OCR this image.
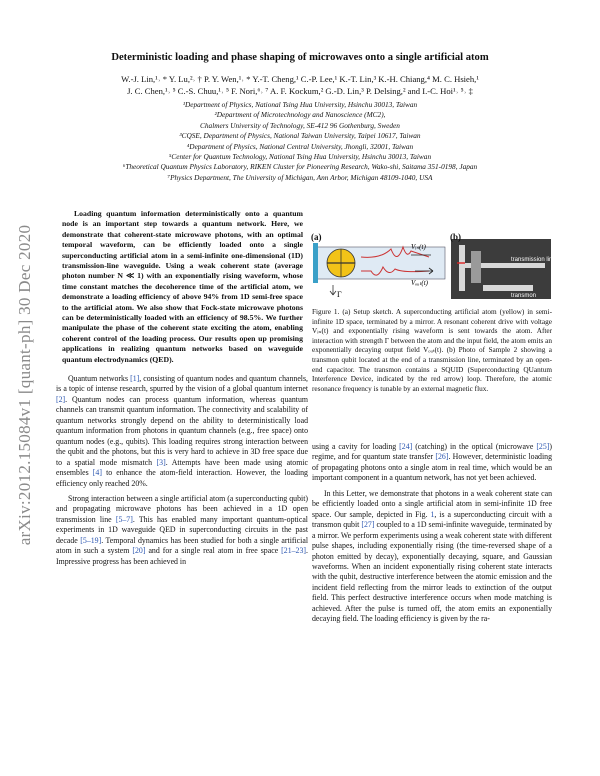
arXiv:2012.15084v1 [quant-ph] 30 Dec 2020
Deterministic loading and phase shaping of microwaves onto a single artificial atom
W.-J. Lin,¹˒ * Y. Lu,²˒ † P. Y. Wen,¹˒ * Y.-T. Cheng,¹ C.-P. Lee,¹ K.-T. Lin,³ K.-H. Chiang,⁴ M. C. Hsieh,¹
J. C. Chen,¹˒ ⁵ C.-S. Chuu,¹˒ ⁵ F. Nori,⁶˒ ⁷ A. F. Kockum,² G.-D. Lin,³ P. Delsing,² and I.-C. Hoi¹˒ ⁵˒ ‡
¹Department of Physics, National Tsing Hua University, Hsinchu 30013, Taiwan
²Department of Microtechnology and Nanoscience (MC2),
Chalmers University of Technology, SE-412 96 Gothenburg, Sweden
³CQSE, Department of Physics, National Taiwan University, Taipei 10617, Taiwan
⁴Department of Physics, National Central University, Jhongli, 32001, Taiwan
⁵Center for Quantum Technology, National Tsing Hua University, Hsinchu 30013, Taiwan
⁶Theoretical Quantum Physics Laboratory, RIKEN Cluster for Pioneering Research, Wako-shi, Saitama 351-0198, Japan
⁷Physics Department, The University of Michigan, Ann Arbor, Michigan 48109-1040, USA
Loading quantum information deterministically onto a quantum node is an important step towards a quantum network. Here, we demonstrate that coherent-state microwave photons, with an optimal temporal waveform, can be efficiently loaded onto a single superconducting artificial atom in a semi-infinite one-dimensional (1D) transmission-line waveguide. Using a weak coherent state (average photon number N ≪ 1) with an exponentially rising waveform, whose time constant matches the decoherence time of the artificial atom, we demonstrate a loading efficiency of above 94% from 1D semi-free space to the artificial atom. We also show that Fock-state microwave photons can be deterministically loaded with an efficiency of 98.5%. We further manipulate the phase of the coherent state exciting the atom, enabling coherent control of the loading process. Our results open up promising applications in realizing quantum networks based on waveguide quantum electrodynamics (QED).
(a)	(b)
Γ
Vᵢₙ(t)
Vₒᵤₜ(t)
transmission line
transmon
Figure 1. (a) Setup sketch. A superconducting artificial atom (yellow) in semi-infinite 1D space, terminated by a mirror. A resonant coherent drive with voltage Vᵢₙ(t) and exponentially rising waveform is sent towards the atom. After interaction with strength Γ between the atom and the input field, the atom emits an exponentially decaying output field Vₒᵤₜ(t). (b) Photo of Sample 2 showing a transmon qubit located at the end of a transmission line, terminated by an open-end capacitor. The transmon contains a SQUID (Superconducting QUantum Interference Device, indicated by the red arrow) loop. Therefore, the atomic resonance frequency is tunable by an external magnetic flux.

Quantum networks [1], consisting of quantum nodes and quantum channels, is a topic of intense research, spurred by the vision of a global quantum internet [2]. Quantum nodes can process quantum information, whereas quantum channels can transmit quantum information. The connectivity and scalability of quantum networks strongly depend on the ability to deterministically load quantum information from photons in quantum channels (e.g., free space) onto quantum nodes (e.g., qubits). This loading requires strong interaction between the qubit and the photons, but this is very hard to achieve in 3D free space due to a spatial mode mismatch [3]. Attempts have been made using atomic ensembles [4] to enhance the atom-field interaction. However, the loading efficiency only reached 20%.

Strong interaction between a single artificial atom (a superconducting qubit) and propagating microwave photons has been achieved in a 1D open transmission line [5–7]. This has enabled many important quantum-optical experiments in 1D waveguide QED in superconducting circuits in the past decade [5–19]. Temporal dynamics has been studied for both a single artificial atom in such a system [20] and for a single real atom in free space [21–23]. Impressive progress has been achieved in

using a cavity for loading [24] (catching) in the optical (microwave [25]) regime, and for quantum state transfer [26]. However, deterministic loading of propagating photons onto a single atom in real time, which would be an important component in a quantum network, has not yet been achieved.

In this Letter, we demonstrate that photons in a weak coherent state can be efficiently loaded onto a single artificial atom in semi-infinite 1D free space. Our sample, depicted in Fig. 1, is a superconducting circuit with a transmon qubit [27] coupled to a 1D semi-infinite waveguide, terminated by a mirror. We perform experiments using a weak coherent state with different pulse shapes, including exponentially rising (the time-reversed shape of a photon emitted by decay), exponentially decaying, square, and Gaussian waveforms. When an incident exponentially rising coherent state interacts with the qubit, destructive interference between the atomic emission and the incident field reflecting from the mirror leads to extinction of the output field. This perfect destructive interference occurs when mode matching is achieved. After the pulse is turned off, the atom emits an exponentially decaying field. The loading efficiency is given by the ra-
